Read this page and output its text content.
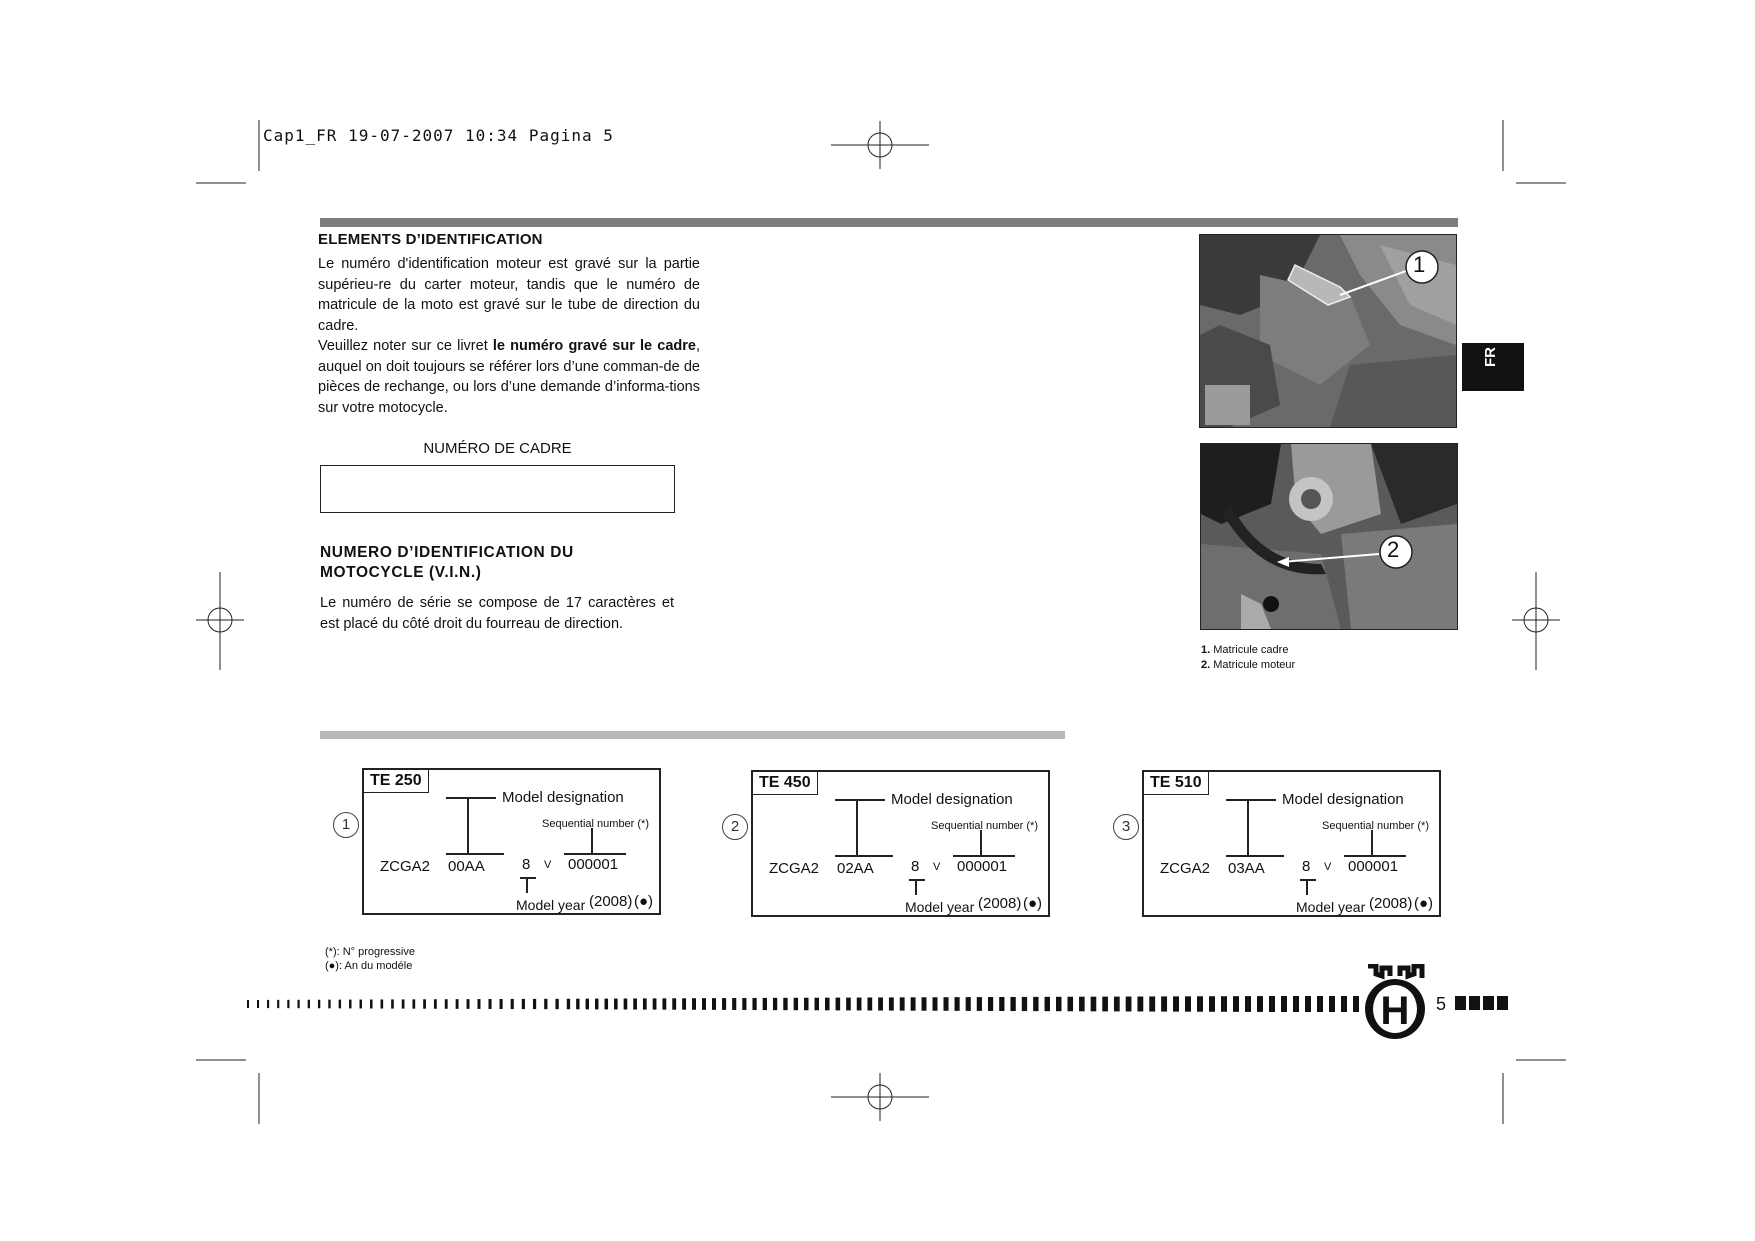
Cap1_FR 19-07-2007 10:34 Pagina 5
ELEMENTS D’IDENTIFICATION
Le numéro d'identification moteur est gravé sur la partie supérieu-re du carter moteur, tandis que le numéro de matricule de la moto est gravé sur le tube de direction du cadre.
Veuillez noter sur ce livret le numéro gravé sur le cadre, auquel on doit toujours se référer lors d’une comman-de de pièces de rechange, ou lors d’une demande d’informa-tions sur votre motocycle.
NUMÉRO DE CADRE
NUMERO D’IDENTIFICATION DU MOTOCYCLE (V.I.N.)
Le numéro de série se compose de 17 caractères et est placé du côté droit du fourreau de direction.
1
2
1. Matricule cadre
2. Matricule moteur
FR
1
TE 250
Model designation
Sequential number (*)
ZCGA2 00AA 8 V 000001
Model year (2008) (●)
2
TE 450
Model designation
Sequential number (*)
ZCGA2 02AA 8 V 000001
Model year (2008) (●)
3
TE 510
Model designation
Sequential number (*)
ZCGA2 03AA 8 V 000001
Model year (2008) (●)
(*): N° progressive
(●): An du modéle
H 5
